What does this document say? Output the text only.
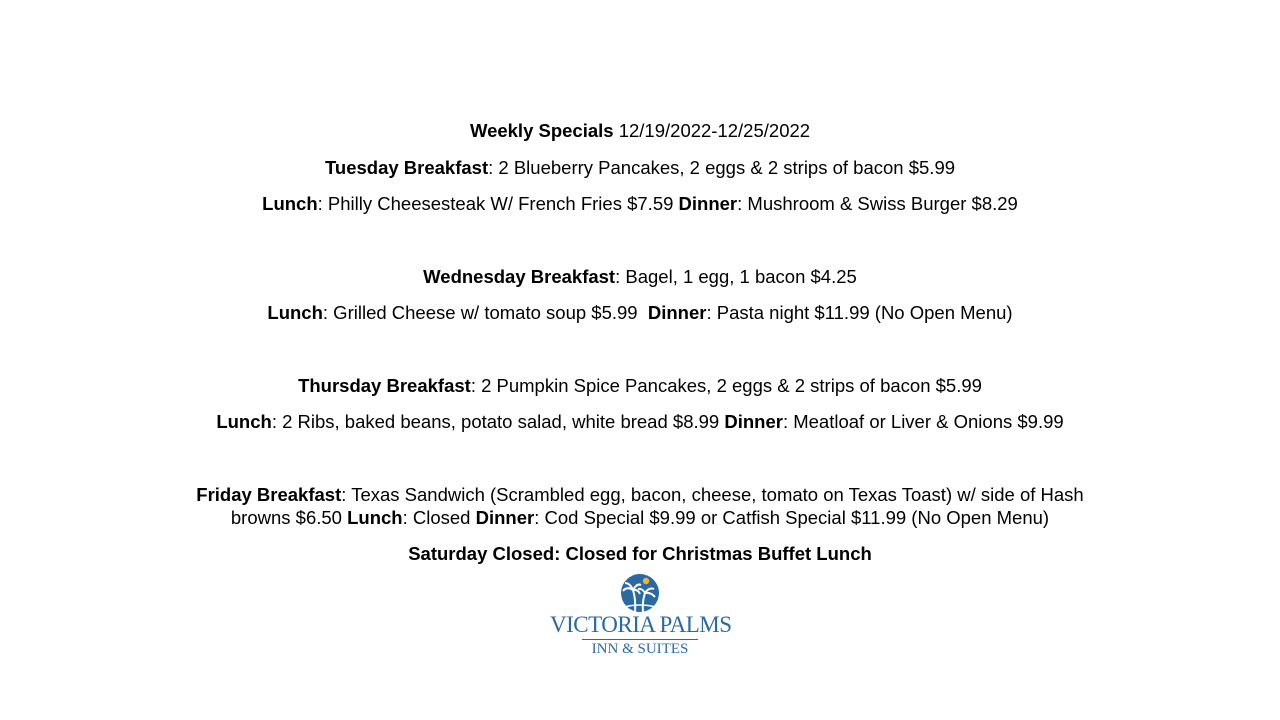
Weekly Specials 12/19/2022-12/25/2022
Tuesday Breakfast: 2 Blueberry Pancakes, 2 eggs & 2 strips of bacon $5.99
Lunch: Philly Cheesesteak W/ French Fries $7.59 Dinner: Mushroom & Swiss Burger $8.29
Wednesday Breakfast: Bagel, 1 egg, 1 bacon $4.25
Lunch: Grilled Cheese w/ tomato soup $5.99  Dinner: Pasta night $11.99 (No Open Menu)
Thursday Breakfast: 2 Pumpkin Spice Pancakes, 2 eggs & 2 strips of bacon $5.99
Lunch: 2 Ribs, baked beans, potato salad, white bread $8.99 Dinner: Meatloaf or Liver & Onions $9.99
Friday Breakfast: Texas Sandwich (Scrambled egg, bacon, cheese, tomato on Texas Toast) w/ side of Hash browns $6.50 Lunch: Closed Dinner: Cod Special $9.99 or Catfish Special $11.99 (No Open Menu)
Saturday Closed: Closed for Christmas Buffet Lunch
VICTORIA PALMS
INN & SUITES
